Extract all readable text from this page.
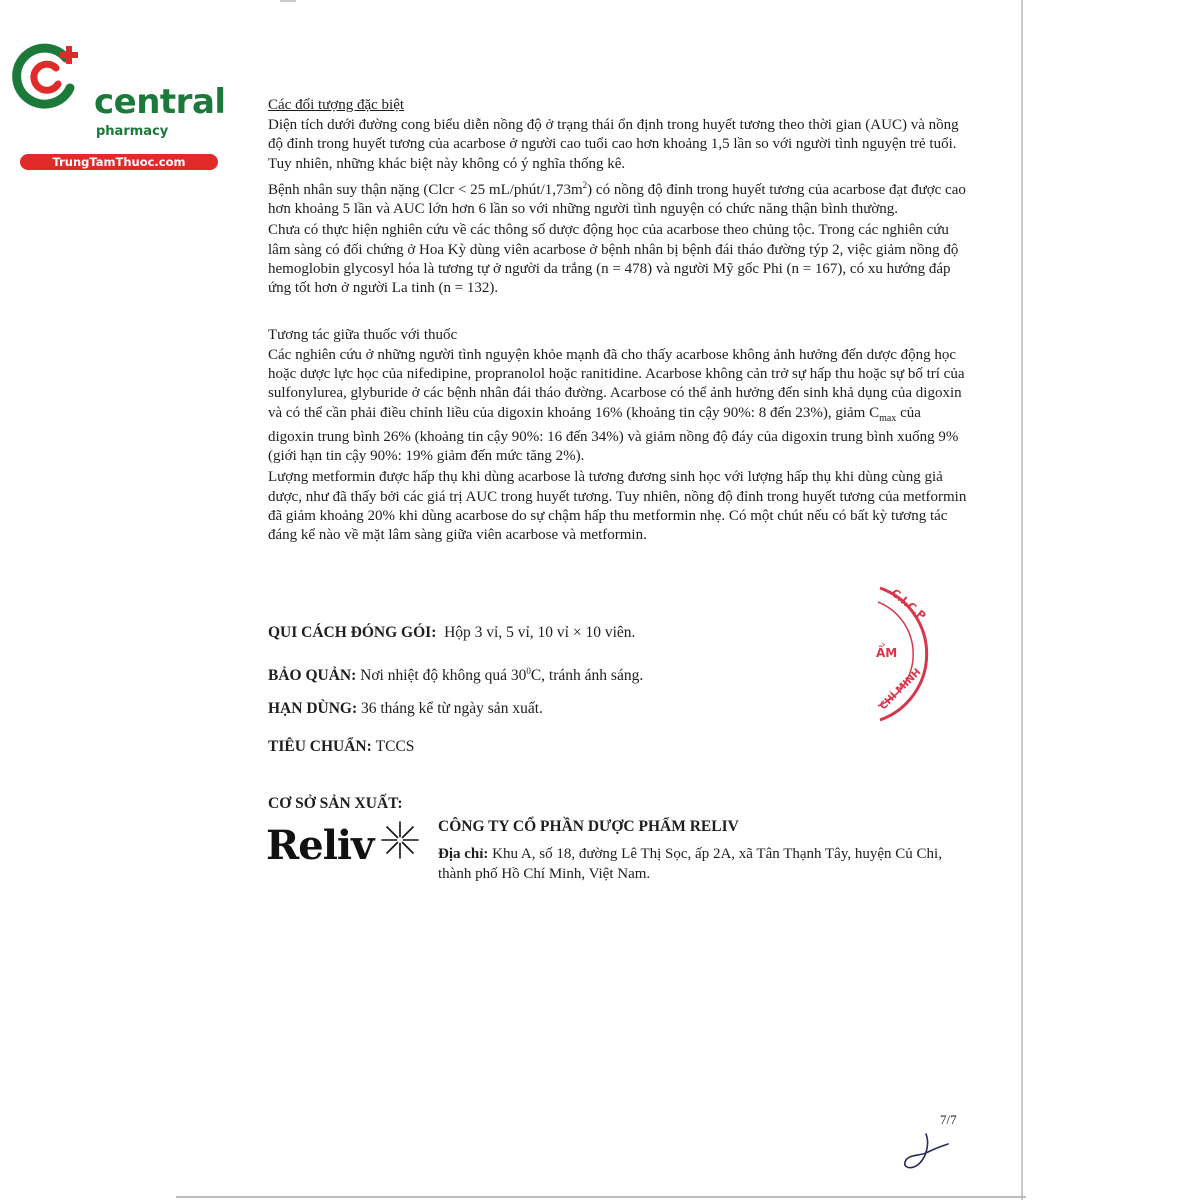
central
pharmacy
TrungTamThuoc.com
Các đối tượng đặc biệt
Diện tích dưới đường cong biểu diễn nồng độ ở trạng thái ổn định trong huyết tương theo thời gian (AUC) và nồng độ đỉnh trong huyết tương của acarbose ở người cao tuổi cao hơn khoảng 1,5 lần so với người tình nguyện trẻ tuổi. Tuy nhiên, những khác biệt này không có ý nghĩa thống kê.
Bệnh nhân suy thận nặng (Clcr < 25 $mL/phút/1,73m^2$) có nồng độ đỉnh trong huyết tương của acarbose đạt được cao hơn khoảng 5 lần và AUC lớn hơn 6 lần so với những người tình nguyện có chức năng thận bình thường.
Chưa có thực hiện nghiên cứu về các thông số dược động học của acarbose theo chủng tộc. Trong các nghiên cứu lâm sàng có đối chứng ở Hoa Kỳ dùng viên acarbose ở bệnh nhân bị bệnh đái tháo đường týp 2, việc giảm nồng độ hemoglobin glycosyl hóa là tương tự ở người da trắng (n = 478) và người Mỹ gốc Phi (n = 167), có xu hướng đáp ứng tốt hơn ở người La tinh (n = 132).
Tương tác giữa thuốc với thuốc
Các nghiên cứu ở những người tình nguyện khỏe mạnh đã cho thấy acarbose không ảnh hưởng đến dược động học hoặc dược lực học của nifedipine, propranolol hoặc ranitidine. Acarbose không cản trở sự hấp thu hoặc sự bố trí của sulfonylurea, glyburide ở các bệnh nhân đái tháo đường. Acarbose có thể ảnh hưởng đến sinh khả dụng của digoxin và có thể cần phải điều chỉnh liều của digoxin khoảng 16% (khoảng tin cậy 90%: 8 đến 23%), giảm $C_{max}$ của digoxin trung bình 26% (khoảng tin cậy 90%: 16 đến 34%) và giảm nồng độ đáy của digoxin trung bình xuống 9% (giới hạn tin cậy 90%: 19% giảm đến mức tăng 2%).
Lượng metformin được hấp thụ khi dùng acarbose là tương đương sinh học với lượng hấp thụ khi dùng cùng giả dược, như đã thấy bởi các giá trị AUC trong huyết tương. Tuy nhiên, nồng độ đỉnh trong huyết tương của metformin đã giảm khoảng 20% khi dùng acarbose do sự chậm hấp thu metformin nhẹ. Có một chút nếu có bất kỳ tương tác đáng kể nào về mặt lâm sàng giữa viên acarbose và metformin.
QUI CÁCH ĐÓNG GÓI: Hộp 3 vỉ, 5 vỉ, 10 vỉ × 10 viên.
BẢO QUẢN: Nơi nhiệt độ không quá $30^0C$, tránh ánh sáng.
HẠN DÙNG: 36 tháng kể từ ngày sản xuất.
TIÊU CHUẨN: TCCS
CƠ SỞ SẢN XUẤT:
Reliv	CÔNG TY CỔ PHẦN DƯỢC PHẨM RELIV
Địa chỉ: Khu A, số 18, đường Lê Thị Sọc, ấp 2A, xã Tân Thạnh Tây, huyện Củ Chi, thành phố Hồ Chí Minh, Việt Nam.
C.I.C.P
ẨM
CHÍ MINH
7/7
